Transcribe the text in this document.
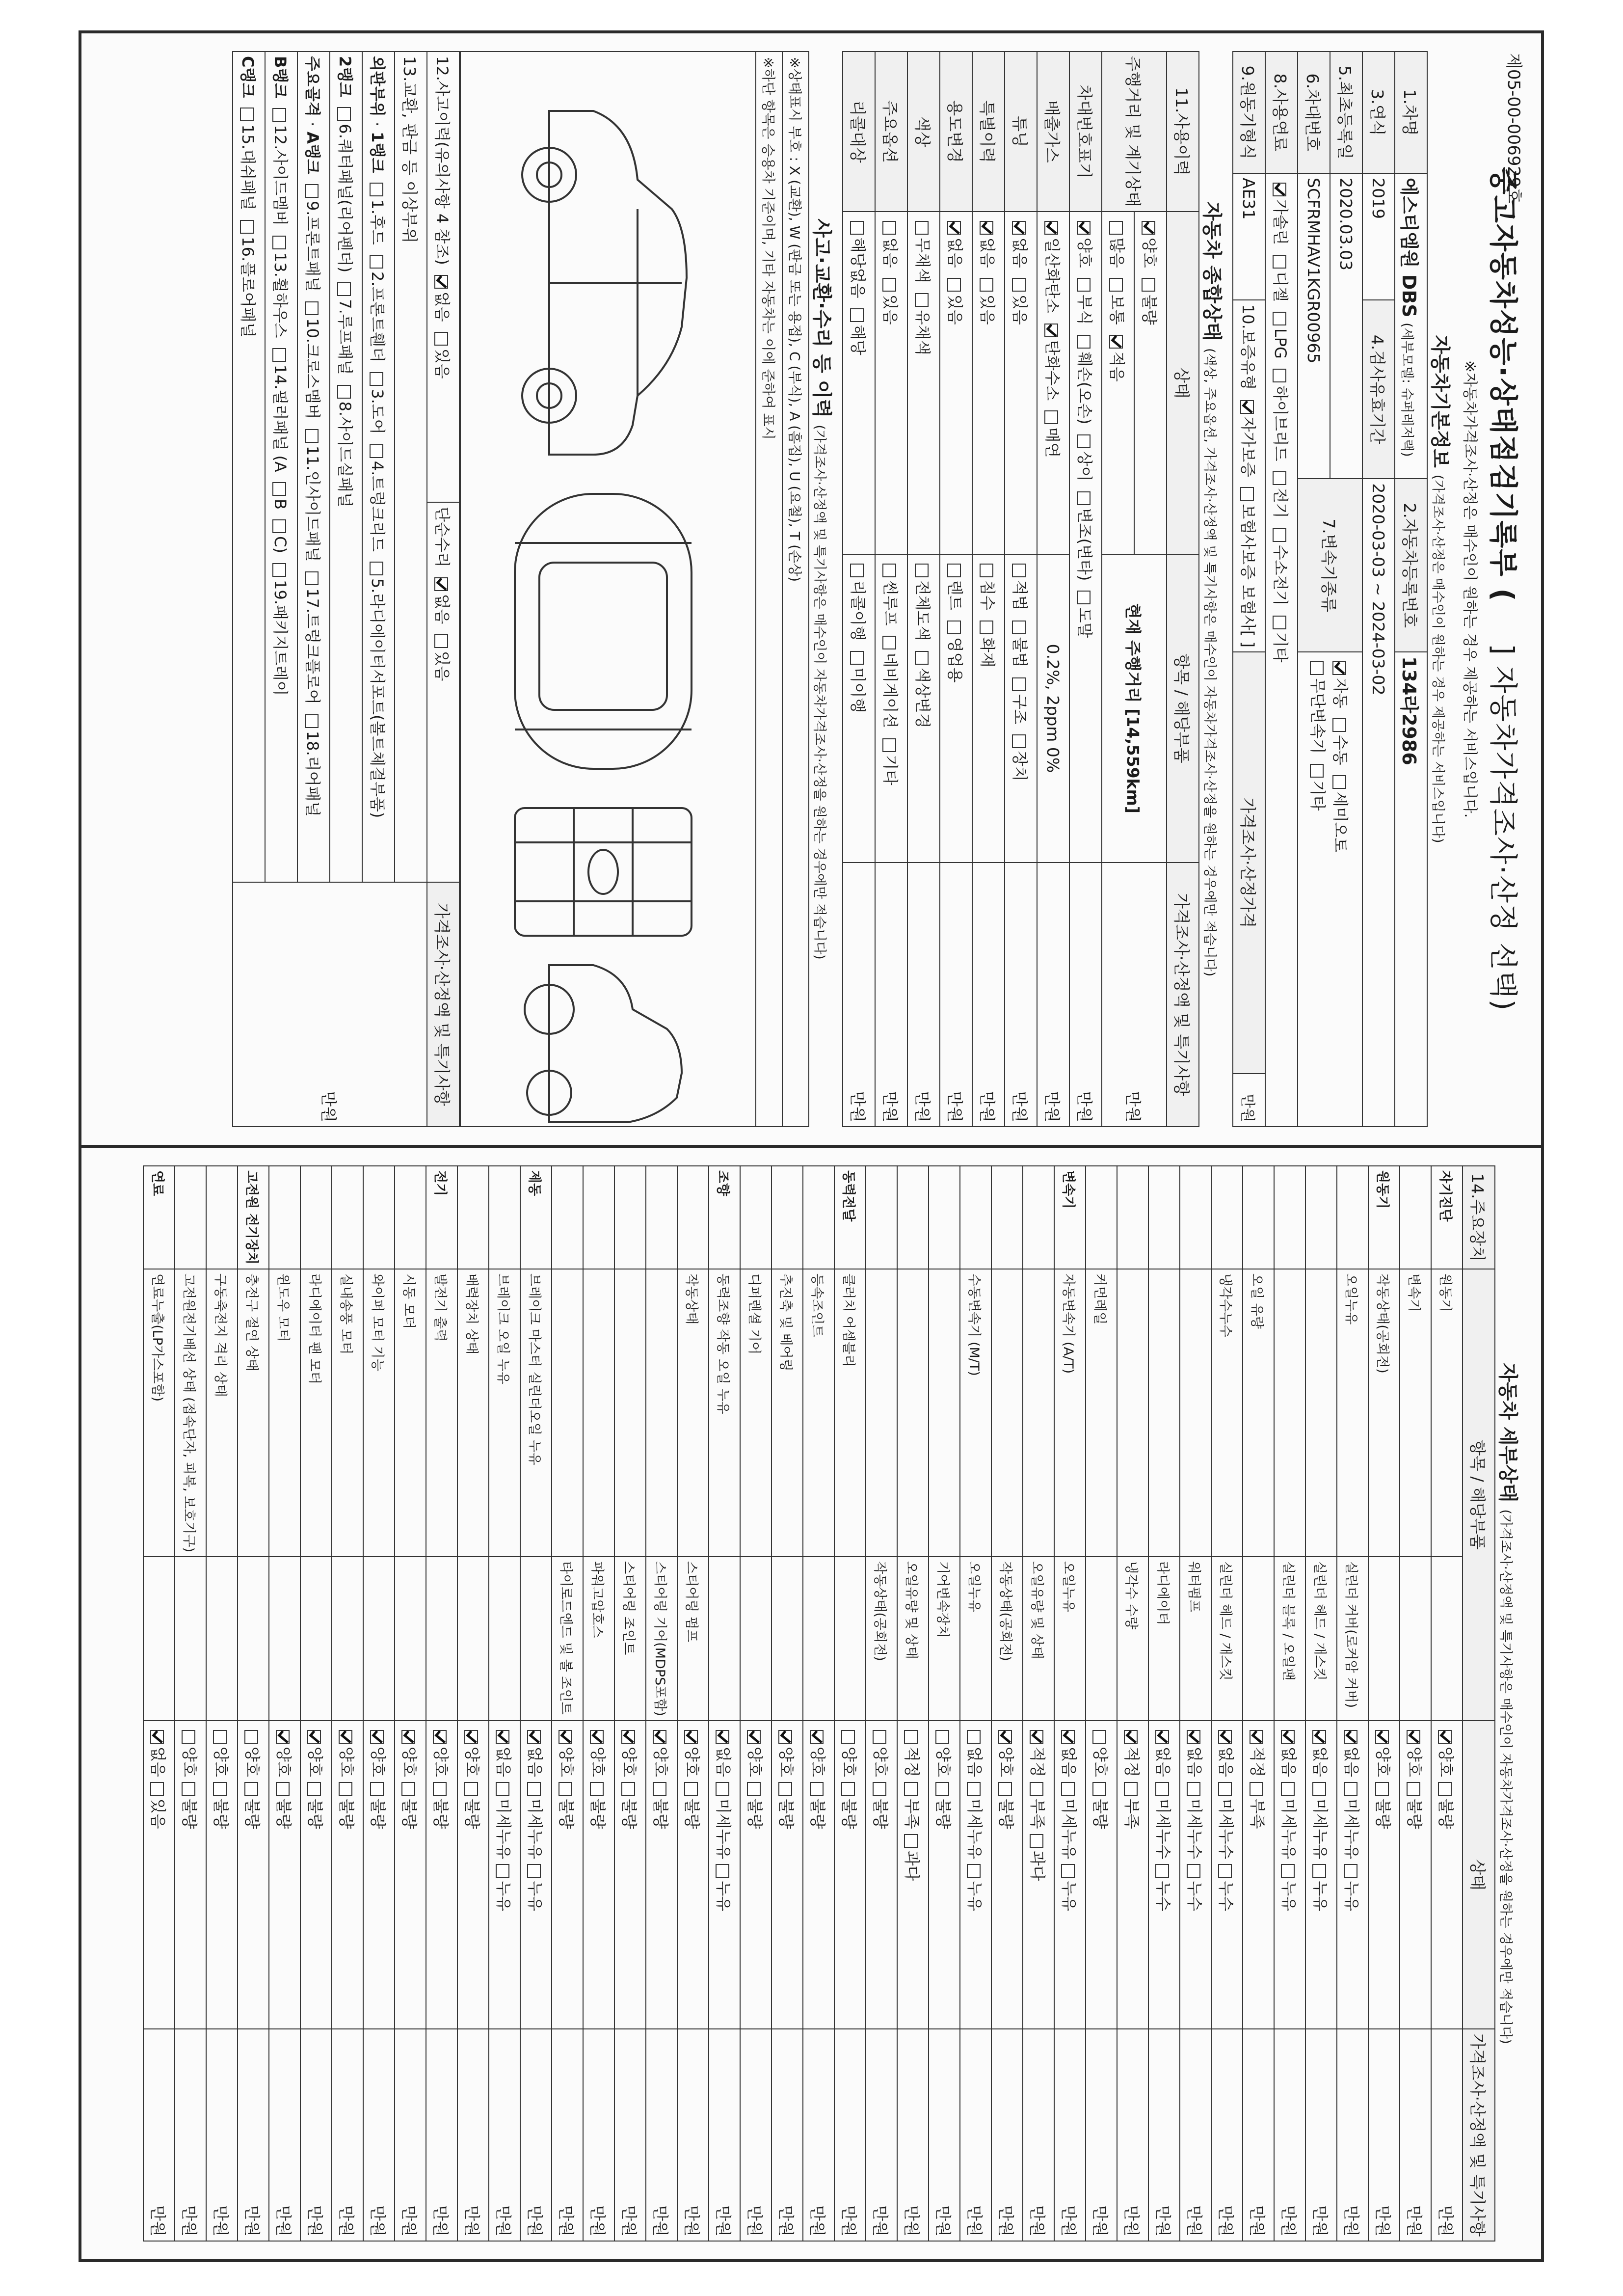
제05-00-006929호
중고자동차성능·상태점검기록부 (  ] 자동차가격조사·산정 선택)
※자동차가격조사·산정은 매수인이 원하는 경우 제공하는 서비스입니다.
자동차기본정보 (가격조사·산정은 매수인이 원하는 경우 제공하는 서비스입니다)
1.차명	에스티엠원 DBS (세부모델: 슈퍼레저랙)		2.자동차등록번호	134라2986	
3.연식	2019	4.검사유효기간	2020-03-03 ~ 2024-03-02		
5.최초등록일	2020.03.03		7.변속기종류	자동 수동 세미오토
무단변속기 기타	
6.차대번호	SCFRMHAV1KGR00965				
8.사용연료	가솔린 디젤 LPG 하이브리드 전기 수소전기 기타				
9.원동기형식	AE31	10.보증유형 자가보증 보험사보증 보험사[ ]		가격조사·산정가격	만원
자동차 종합상태 (색상, 주요옵션, 가격조사·산정액 및 특기사항은 매수인이 자동차가격조사·산정을 원하는 경우에만 적습니다)
11.사용이력	상태	항목 / 해당부품	가격조사·산정액 및 특기사항
주행거리 및 계기상태	양호 불량	현재 주행거리 [14,559km]	만원
	많음 보통 적음		
차대번호표기	양호 부식 훼손(오손) 상이 변조(변타) 도말		만원
배출가스	일산화탄소 탄화수소 매연	0.2%, 2ppm 0%	만원
튜닝	없음 있음	적법 불법 구조 장치	만원
특별이력	없음 있음	침수 화재	만원
용도변경	없음 있음	렌트 영업용	만원
색상	무채색 유채색	전체도색 색상변경	만원
주요옵션	없음 있음	썬루프 네비게이션 기타	만원
리콜대상	해당없음 해당	리콜이행 미이행	만원
사고·교환·수리 등 이력 (가격조사·산정액 및 특기사항은 매수인이 자동차가격조사·산정을 원하는 경우에만 적습니다)
※상태표시 부호 : X (교환), W (판금 또는 용접), C (부식), A (흠집), U (요철), T (손상)
※하단 항목은 승용차 기준이며, 기타 자동차는 이에 준하여 표시
12.사고이력(유의사항 4 참조) 없음 있음	단순수리 없음 있음	가격조사·산정액 및 특기사항
13.교환, 판금 등 이상부위		만원
외판부위 · 1랭크 1.후드 2.프론트휀더 3.도어 4.트렁크리드 5.라디에이터서포트(볼트체결부품)		
2랭크 6.쿼터패널(리어펜더) 7.루프패널 8.사이드실패널		
주요골격 · A랭크 9.프론트패널 10.크로스멤버 11.인사이드패널 17.트렁크플로어 18.리어패널		
B랭크 12.사이드멤버 13.휠하우스 14.필러패널 (A B C) 19.패키지트레이		
C랭크 15.대쉬패널 16.플로어패널		
자동차 세부상태 (가격조사·산정액 및 특기사항은 매수인이 자동차가격조사·산정을 원하는 경우에만 적습니다)
14.주요장치	항목 / 해당부품		상태	가격조사·산정액 및 특기사항
자기진단	원동기		양호불량	만원
	변속기		양호불량	만원
원동기	작동상태(공회전)		양호불량	만원
	오일누유	실린더 커버(로커암 커버)	없음미세누유누유	만원
		실린더 헤드 / 개스킷	없음미세누유누유	만원
		실린더 블록 / 오일팬	없음미세누유누유	만원
	오일 유량		적정부족	만원
	냉각수누수	실린더 헤드 / 개스킷	없음미세누수누수	만원
		워터펌프	없음미세누수누수	만원
		라디에이터	없음미세누수누수	만원
		냉각수 수량	적정부족	만원
	커먼레일		양호불량	만원
변속기	자동변속기 (A/T)	오일누유	없음미세누유누유	만원
		오일유량 및 상태	적정부족과다	만원
		작동상태(공회전)	양호불량	만원
	수동변속기 (M/T)	오일누유	없음미세누유누유	만원
		기어변속장치	양호불량	만원
		오일유량 및 상태	적정부족과다	만원
		작동상태(공회전)	양호불량	만원
동력전달	클러치 어셈블리		양호불량	만원
	등속조인트		양호불량	만원
	추진축 및 베어링		양호불량	만원
	디퍼렌셜 기어		양호불량	만원
조향	동력조향 작동 오일 누유		없음미세누유누유	만원
	작동상태	스티어링 펌프	양호불량	만원
		스티어링 기어(MDPS포함)	양호불량	만원
		스티어링 조인트	양호불량	만원
		파워고압호스	양호불량	만원
		타이로드엔드 및 볼 조인트	양호불량	만원
제동	브레이크 마스터 실린더오일 누유		없음미세누유누유	만원
	브레이크 오일 누유		없음미세누유누유	만원
	배력장치 상태		양호불량	만원
전기	발전기 출력		양호불량	만원
	시동 모터		양호불량	만원
	와이퍼 모터 기능		양호불량	만원
	실내송풍 모터		양호불량	만원
	라디에이터 팬 모터		양호불량	만원
	윈도우 모터		양호불량	만원
고전원 전기장치	충전구 절연 상태		양호불량	만원
	구동축전지 격리 상태		양호불량	만원
	고전원전기배선 상태 (접속단자, 피복, 보호기구)		양호불량	만원
연료	연료누출(LP가스포함)		없음있음	만원
